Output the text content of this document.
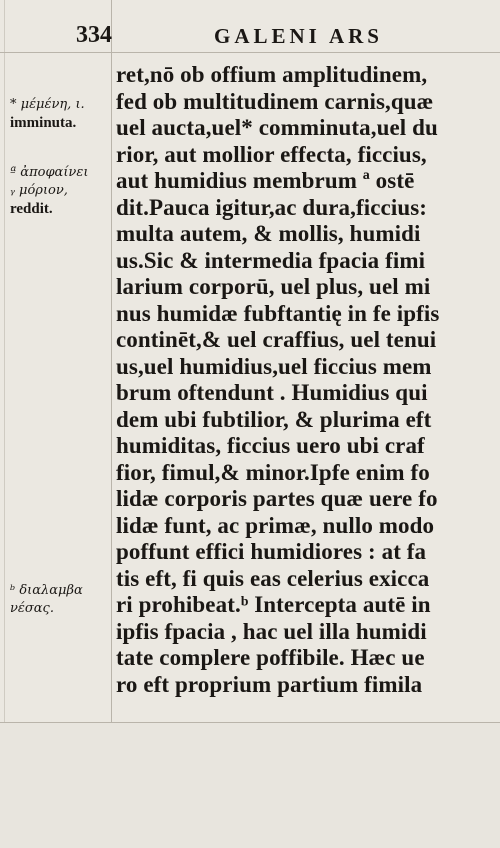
334	GALENI ARS
* μέμένη, ι.
imminuta.
ª ἀποφαίνει
ᵧ μόριον,
reddit.
ᵇ διαλαμβα
νέσας.
ret,nō ob offium amplitudinem,
fed ob multitudinem carnis,quæ
uel aucta,uel* comminuta,uel du
rior, aut mollior effecta, ficcius,
aut humidius membrum ª ostē
dit.Pauca igitur,ac dura,ficcius:
multa autem, & mollis, humidi
us.Sic & intermedia fpacia fimi
larium corporū, uel plus, uel mi
nus humidæ fubftantię in fe ipfis
continēt,& uel craffius, uel tenui
us,uel humidius,uel ficcius mem
brum oftendunt . Humidius qui
dem ubi fubtilior, & plurima eft
humiditas, ficcius uero ubi craf
fior, fimul,& minor.Ipfe enim fo
lidæ corporis partes quæ uere fo
lidæ funt, ac primæ, nullo modo
poffunt effici humidiores : at fa
tis eft, fi quis eas celerius exicca
ri prohibeat.ᵇ Intercepta autē in
ipfis fpacia , hac uel illa humidi
tate complere poffibile. Hæc ue
ro eft proprium partium fimila
